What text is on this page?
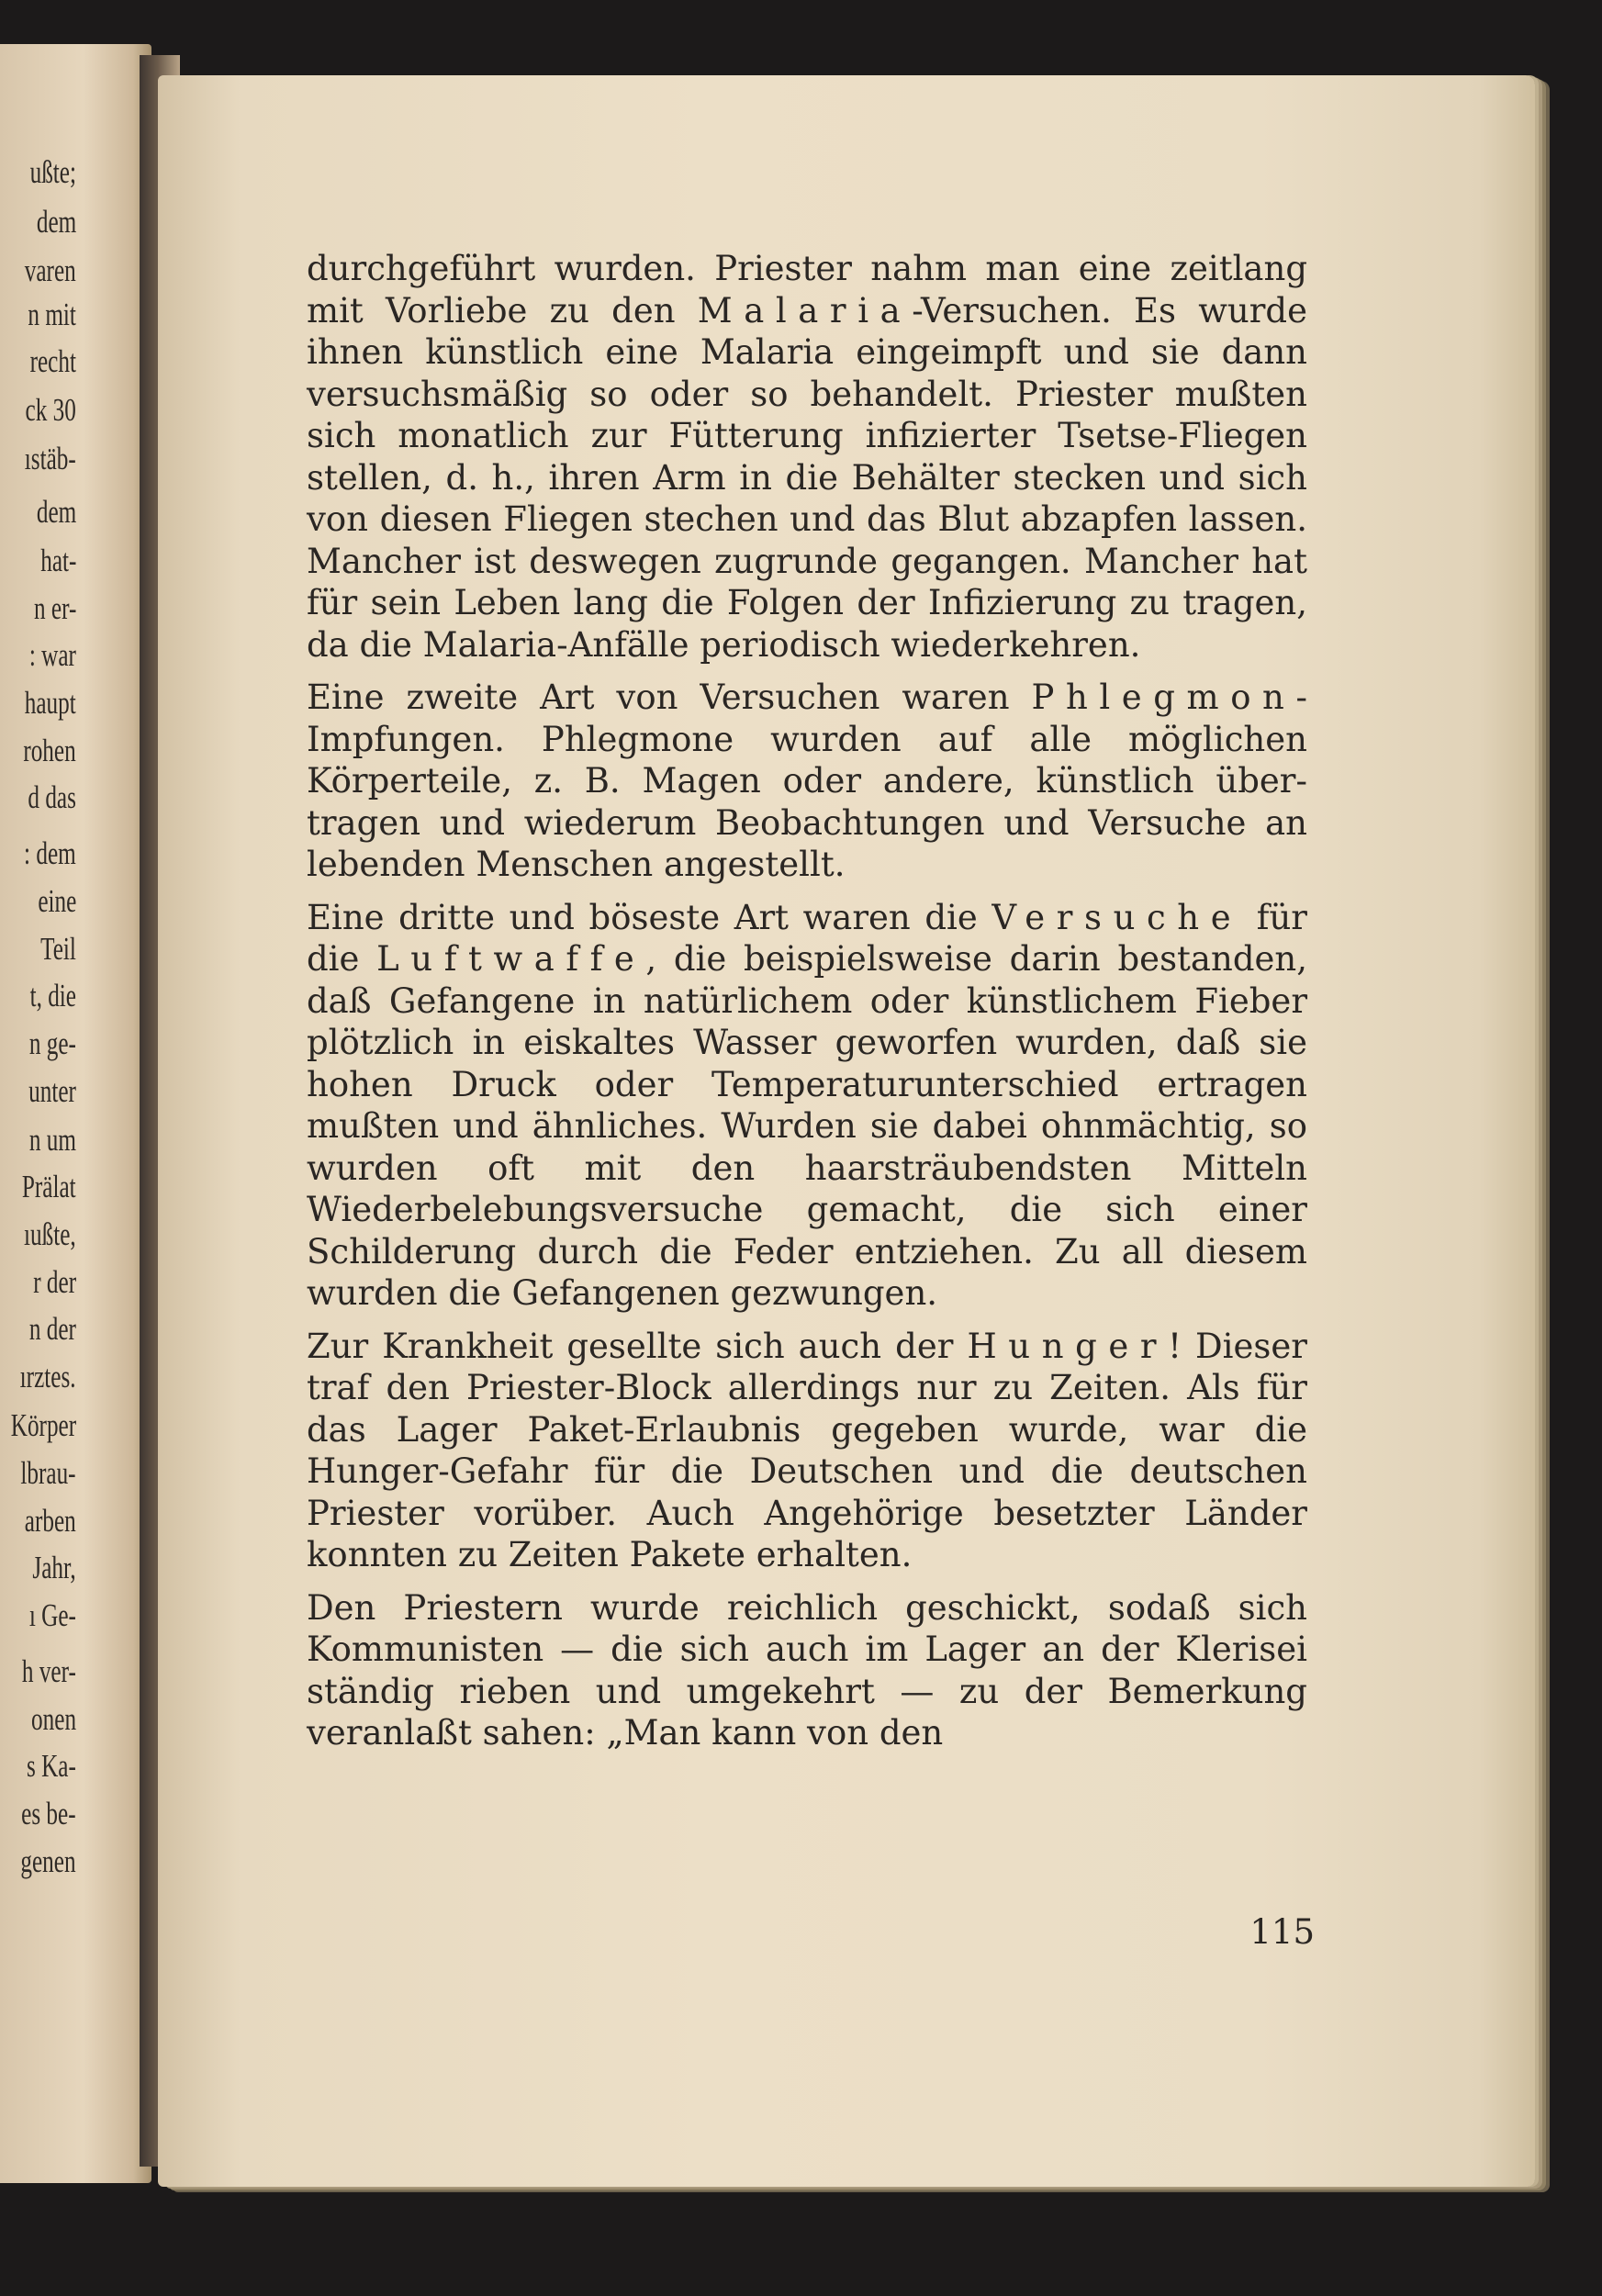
ußte;

dem

varen

n mit

recht

ck 30

ıstäb-

dem

hat-

n er-

: war

haupt

rohen

d das

: dem

eine

Teil

t, die

n ge-

unter

n um

Prälat

ıußte,

r der

n der

ırztes.

Körper

lbrau-

arben

Jahr,

ı Ge-

h ver-

onen

s Ka-

es be-

genen

durchgeführt wurden. Priester nahm man eine zeitlang mit Vorliebe zu den Malaria-Versuchen. Es wurde ihnen künstlich eine Malaria eingeimpft und sie dann versuchsmäßig so oder so behandelt. Priester mußten sich monatlich zur Fütterung infizierter Tsetse-Fliegen stellen, d. h., ihren Arm in die Behälter stecken und sich von diesen Fliegen stechen und das Blut abzapfen lassen. Mancher ist deswegen zugrunde gegangen. Mancher hat für sein Leben lang die Folgen der Infizierung zu tragen, da die Malaria-Anfälle periodisch wiederkehren.

Eine zweite Art von Versuchen waren Phlegmon-Impfungen. Phlegmone wurden auf alle möglichen Körperteile, z. B. Magen oder andere, künstlich übertragen und wiederum Beobachtungen und Versuche an lebenden Menschen angestellt.

Eine dritte und böseste Art waren die Versuche für die Luftwaffe, die beispielsweise darin bestanden, daß Gefangene in natürlichem oder künstlichem Fieber plötzlich in eiskaltes Wasser geworfen wurden, daß sie hohen Druck oder Temperaturunterschied ertragen mußten und ähnliches. Wurden sie dabei ohnmächtig, so wurden oft mit den haarsträubendsten Mitteln Wiederbelebungsversuche gemacht, die sich einer Schilderung durch die Feder entziehen. Zu all diesem wurden die Gefangenen gezwungen.

Zur Krankheit gesellte sich auch der Hunger! Dieser traf den Priester-Block allerdings nur zu Zeiten. Als für das Lager Paket-Erlaubnis gegeben wurde, war die Hunger-Gefahr für die Deutschen und die deutschen Priester vorüber. Auch Angehörige besetzter Länder konnten zu Zeiten Pakete erhalten.

Den Priestern wurde reichlich geschickt, sodaß sich Kommunisten — die sich auch im Lager an der Klerisei ständig rieben und umgekehrt — zu der Bemerkung veranlaßt sahen: „Man kann von den

115
